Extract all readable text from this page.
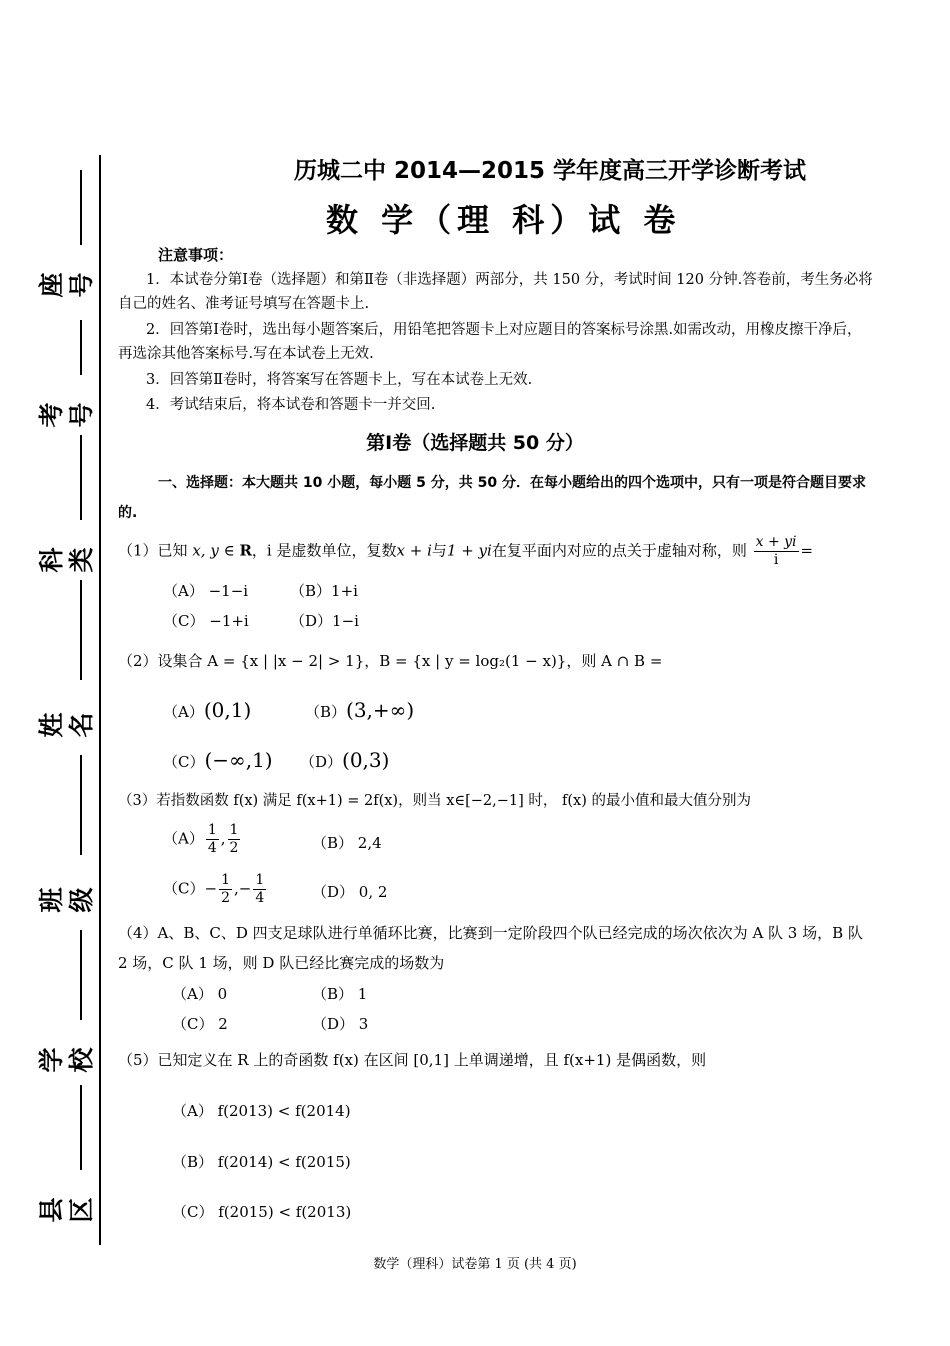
座号
考号
科类
姓名
班级
学校
县区
历城二中 2014—2015 学年度高三开学诊断考试
数 学（理 科）试 卷
注意事项：
1．本试卷分第Ⅰ卷（选择题）和第Ⅱ卷（非选择题）两部分，共 150 分，考试时间 120 分钟.答卷前，考生务必将自己的姓名、准考证号填写在答题卡上.
2．回答第Ⅰ卷时，选出每小题答案后，用铅笔把答题卡上对应题目的答案标号涂黑.如需改动，用橡皮擦干净后，再选涂其他答案标号.写在本试卷上无效.
3．回答第Ⅱ卷时，将答案写在答题卡上，写在本试卷上无效.
4．考试结束后，将本试卷和答题卡一并交回.
第Ⅰ卷（选择题共 50 分）
一、选择题：本大题共 10 小题，每小题 5 分，共 50 分．在每小题给出的四个选项中，只有一项是符合题目要求的.
（1）已知 x, y ∈ R，i 是虚数单位，复数x + i与1 + yi在复平面内对应的点关于虚轴对称，则 $\frac{x + yi}{i}$ =
（A） −1−i	（B）1+i
（C） −1+i	（D）1−i
（2）设集合 A = {x | |x − 2| > 1}，B = {x | y = log₂(1 − x)}，则 A ∩ B =
（A）(0,1)	（B）(3,+∞)
（C）(−∞,1) （D）(0,3)
（3）若指数函数 f(x) 满足 f(x+1) = 2f(x)，则当 x∈[−2,−1] 时， f(x) 的最小值和最大值分别为
$(A) \frac{1}{4}$ , $\frac{1}{2}$	（B） 2,4
$(C)- \frac{1}{2}$ ,− $\frac{1}{4}$	（D） 0, 2
（4）A、B、C、D 四支足球队进行单循环比赛，比赛到一定阶段四个队已经完成的场次依次为 A 队 3 场，B 队 2 场，C 队 1 场，则 D 队已经比赛完成的场数为
（A） 0	（B） 1
（C） 2	（D） 3
（5）已知定义在 R 上的奇函数 f(x) 在区间 [0,1] 上单调递增，且 f(x+1) 是偶函数，则
（A） f(2013) < f(2014)
（B） f(2014) < f(2015)
（C） f(2015) < f(2013)
数学（理科）试卷第 1 页 (共 4 页)
